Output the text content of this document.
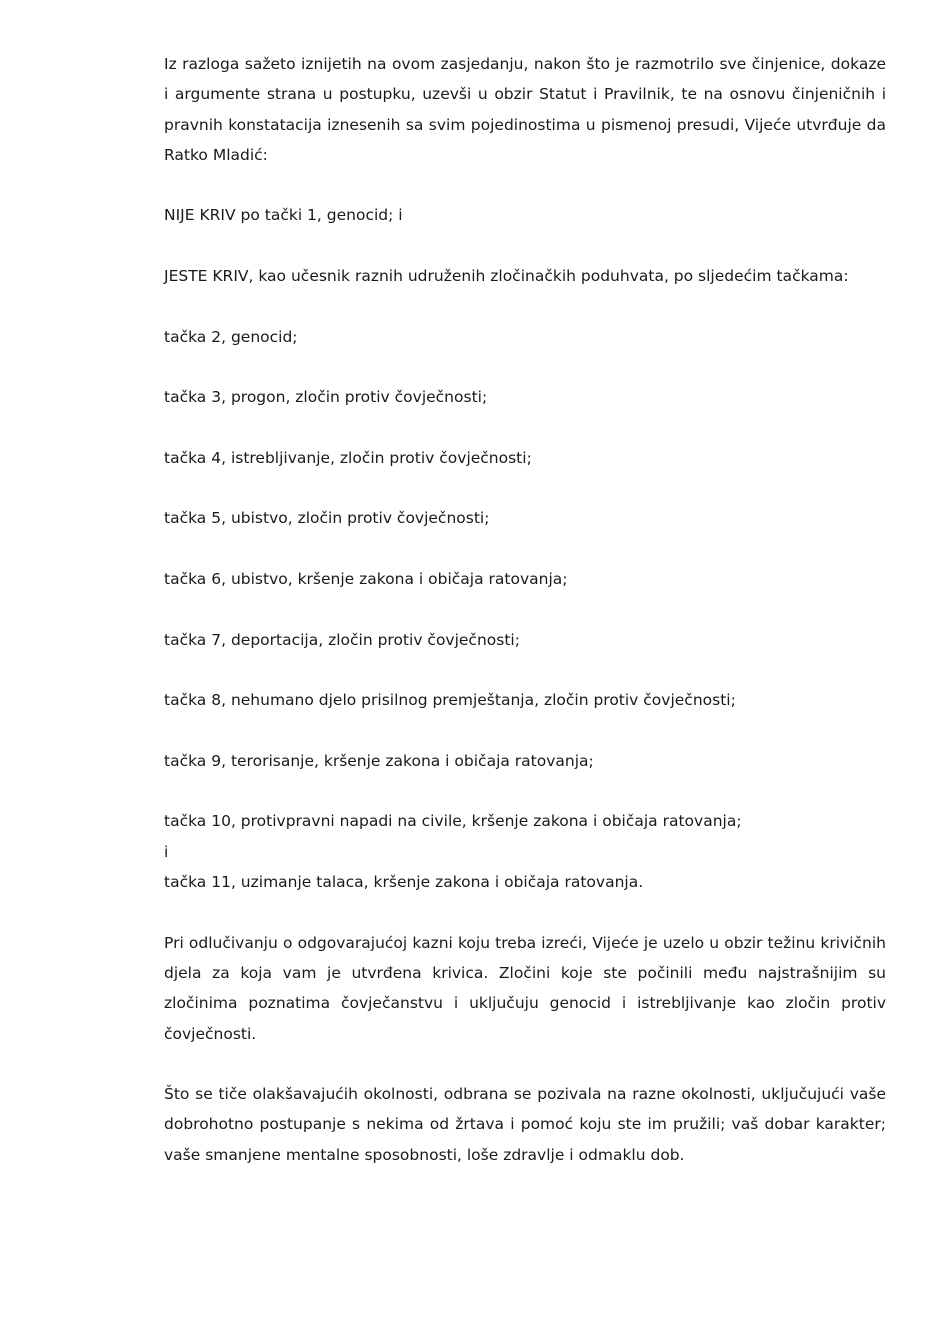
Iz razloga sažeto iznijetih na ovom zasjedanju, nakon što je razmotrilo sve činjenice, dokaze i argumente strana u postupku, uzevši u obzir Statut i Pravilnik, te na osnovu činjeničnih i pravnih konstatacija iznesenih sa svim pojedinostima u pismenoj presudi, Vijeće utvrđuje da Ratko Mladić:

NIJE KRIV po tački 1, genocid; i

JESTE KRIV, kao učesnik raznih udruženih zločinačkih poduhvata, po sljedećim tačkama:

tačka 2, genocid;

tačka 3, progon, zločin protiv čovječnosti;

tačka 4, istrebljivanje, zločin protiv čovječnosti;

tačka 5, ubistvo, zločin protiv čovječnosti;

tačka 6, ubistvo, kršenje zakona i običaja ratovanja;

tačka 7, deportacija, zločin protiv čovječnosti;

tačka 8, nehumano djelo prisilnog premještanja, zločin protiv čovječnosti;

tačka 9, terorisanje, kršenje zakona i običaja ratovanja;

tačka 10, protivpravni napadi na civile, kršenje zakona i običaja ratovanja;

i

tačka 11, uzimanje talaca, kršenje zakona i običaja ratovanja.

Pri odlučivanju o odgovarajućoj kazni koju treba izreći, Vijeće je uzelo u obzir težinu krivičnih djela za koja vam je utvrđena krivica. Zločini koje ste počinili među najstrašnijim su zločinima poznatima čovječanstvu i uključuju genocid i istrebljivanje kao zločin protiv čovječnosti.

Što se tiče olakšavajućih okolnosti, odbrana se pozivala na razne okolnosti, uključujući vaše dobrohotno postupanje s nekima od žrtava i pomoć koju ste im pružili; vaš dobar karakter; vaše smanjene mentalne sposobnosti, loše zdravlje i odmaklu dob.
